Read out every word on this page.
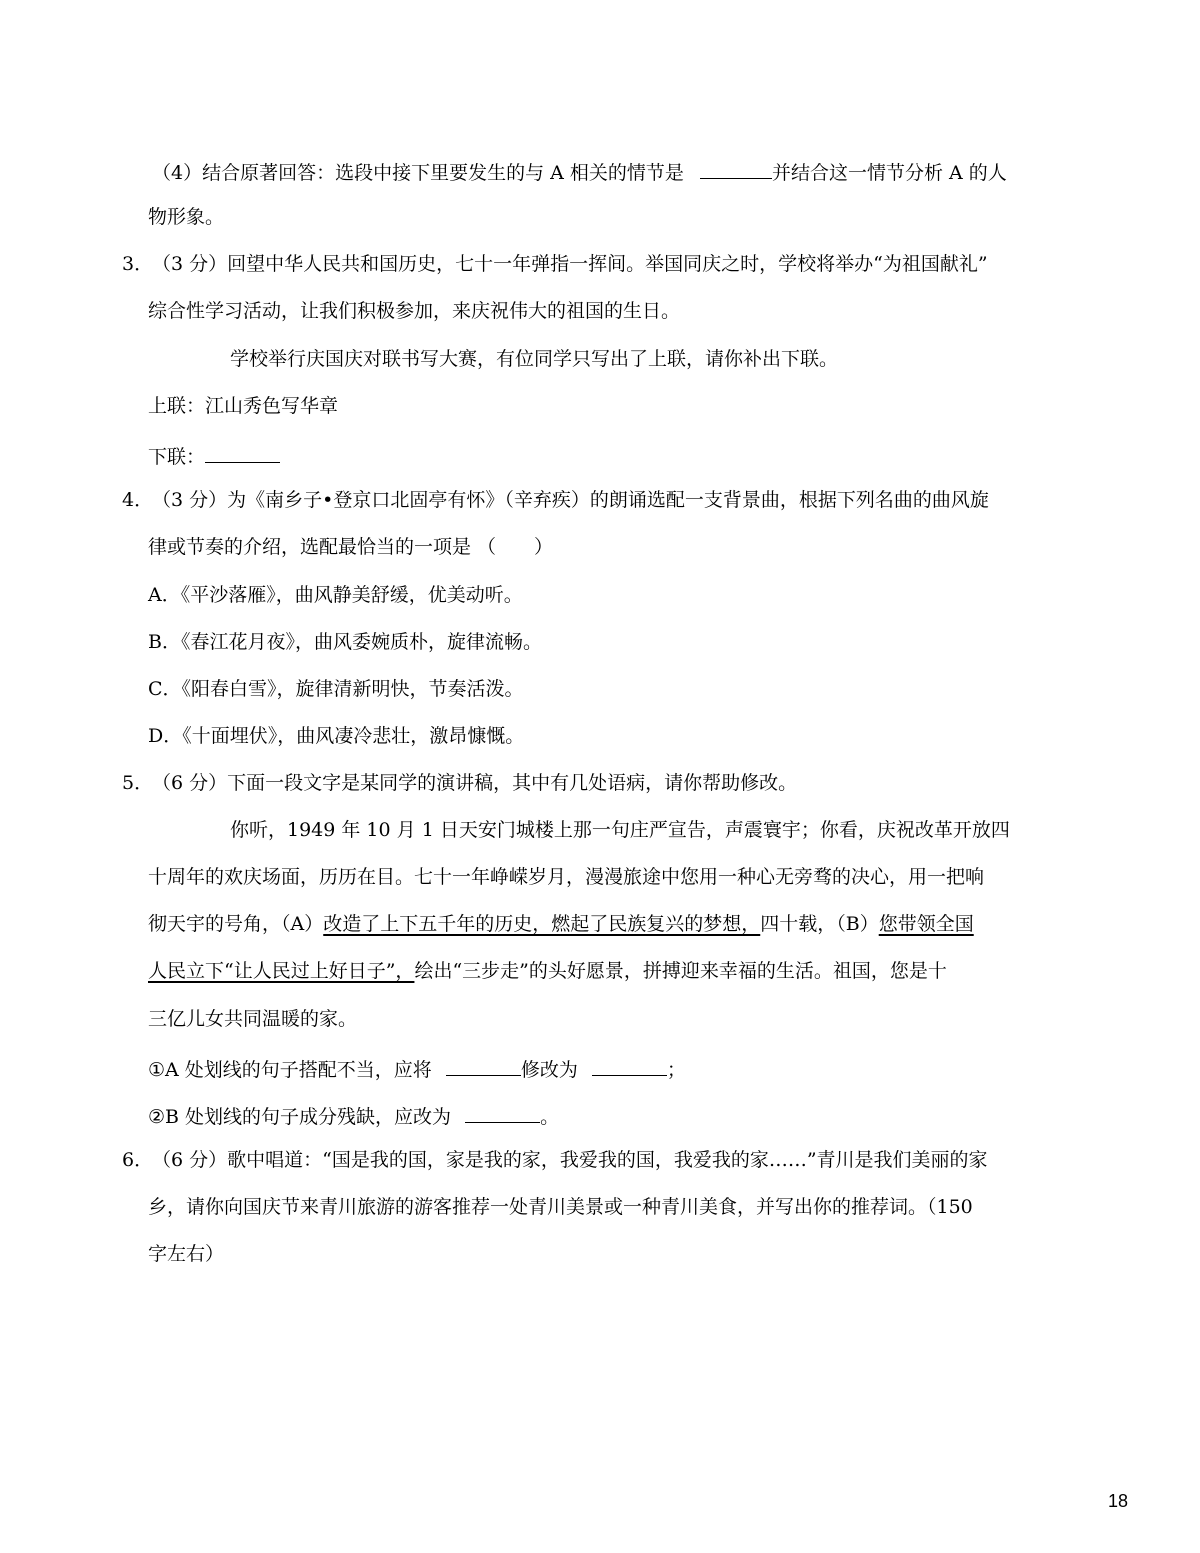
（4）结合原著回答：选段中接下里要发生的与 A 相关的情节是	并结合这一情节分析 A 的人
物形象。
3．
（3 分）回望中华人民共和国历史，七十一年弹指一挥间。举国同庆之时，学校将举办“为祖国献礼”
综合性学习活动，让我们积极参加，来庆祝伟大的祖国的生日。
学校举行庆国庆对联书写大赛，有位同学只写出了上联，请你补出下联。
上联：江山秀色写华章
下联：
4．
（3 分）为《南乡子•登京口北固亭有怀》（辛弃疾）的朗诵选配一支背景曲，根据下列名曲的曲风旋
律或节奏的介绍，选配最恰当的一项是 （　　）
A．《平沙落雁》，曲风静美舒缓，优美动听。
B．《春江花月夜》，曲风委婉质朴，旋律流畅。
C．《阳春白雪》，旋律清新明快，节奏活泼。
D．《十面埋伏》，曲风凄冷悲壮，激昂慷慨。
5．
（6 分）下面一段文字是某同学的演讲稿，其中有几处语病，请你帮助修改。
你听，1949 年 10 月 1 日天安门城楼上那一句庄严宣告，声震寰宇；你看，庆祝改革开放四
十周年的欢庆场面，历历在目。七十一年峥嵘岁月，漫漫旅途中您用一种心无旁骛的决心，用一把响
彻天宇的号角，（A）改造了上下五千年的历史，燃起了民族复兴的梦想，四十载，（B）您带领全国
人民立下“让人民过上好日子”，绘出“三步走”的头好愿景，拼搏迎来幸福的生活。祖国，您是十
三亿儿女共同温暖的家。
①A 处划线的句子搭配不当，应将	修改为	；
②B 处划线的句子成分残缺，应改为	。
6．
（6 分）歌中唱道：“国是我的国，家是我的家，我爱我的国，我爱我的家……”青川是我们美丽的家
乡，请你向国庆节来青川旅游的游客推荐一处青川美景或一种青川美食，并写出你的推荐词。（150
字左右）
18
